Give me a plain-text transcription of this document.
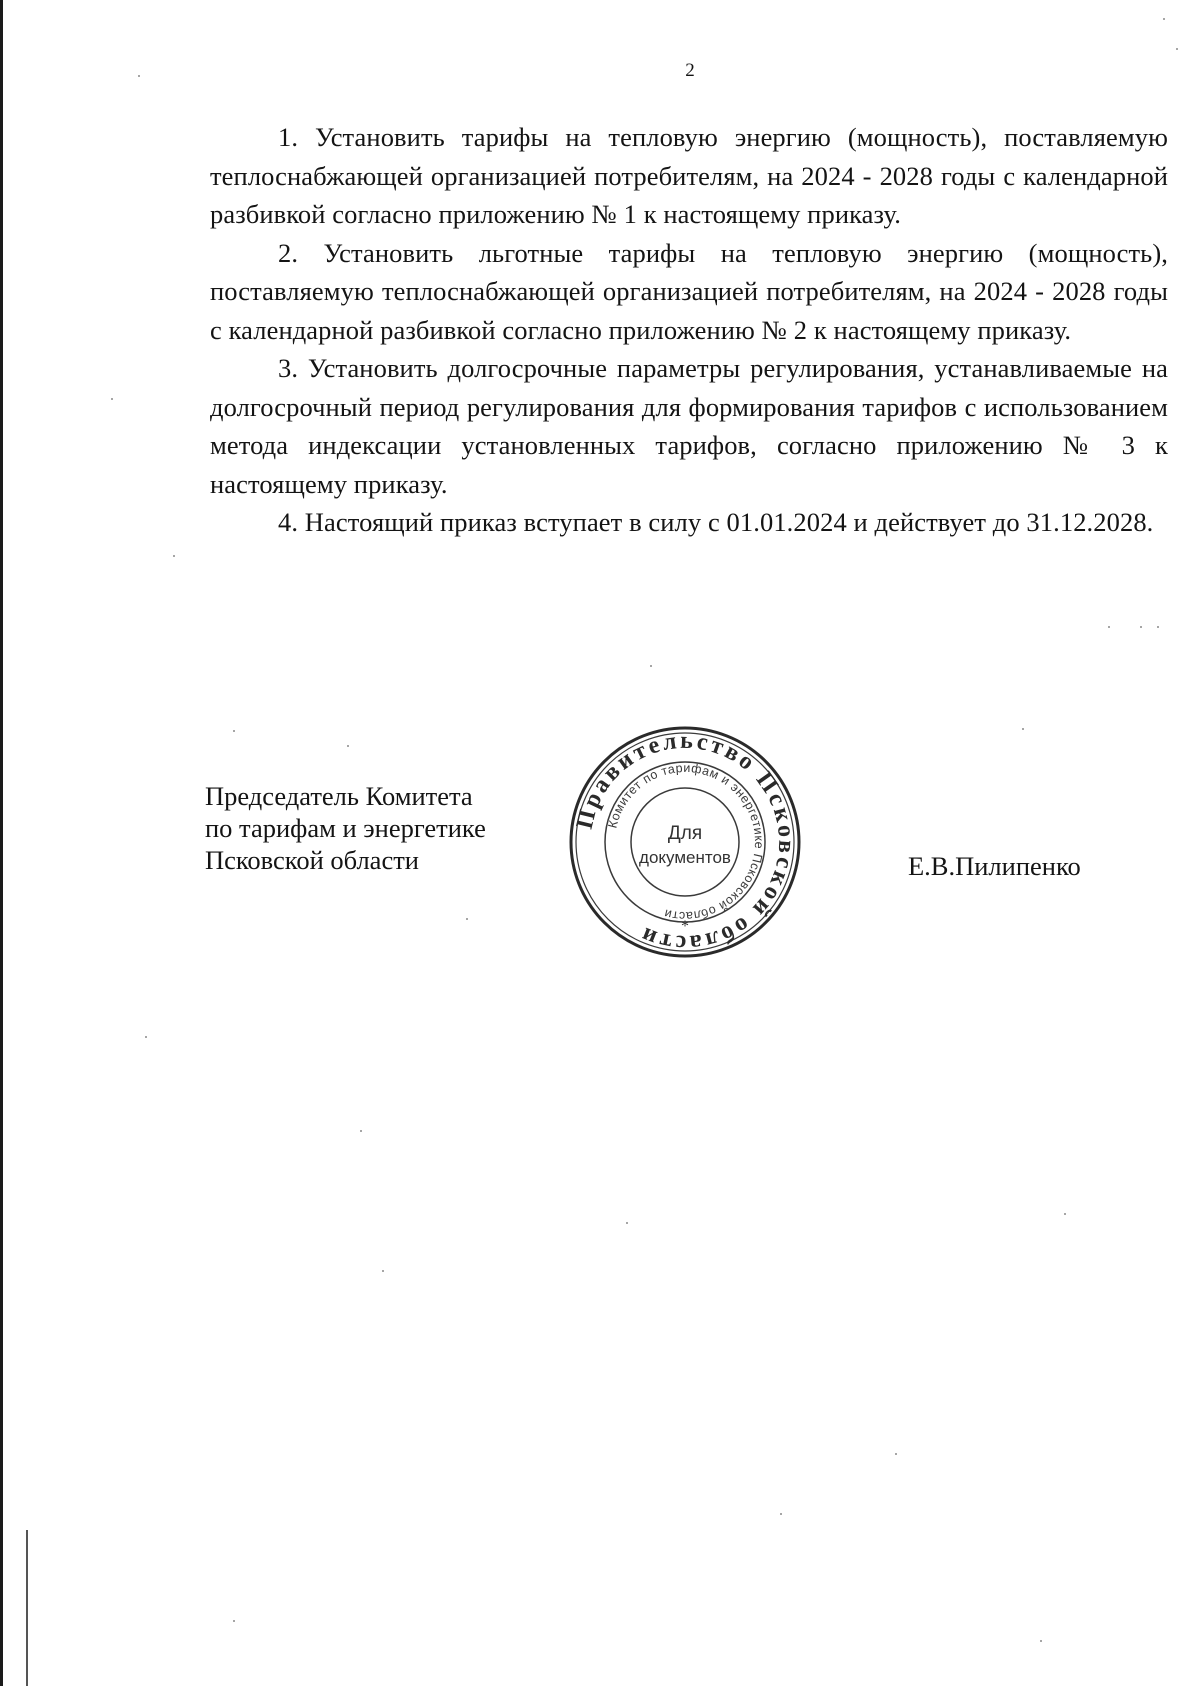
2

1. Установить тарифы на тепловую энергию (мощность), поставляемую теплоснабжающей организацией потребителям, на 2024 - 2028 годы с календарной разбивкой согласно приложению № 1 к настоящему приказу.

2. Установить льготные тарифы на тепловую энергию (мощность), поставляемую теплоснабжающей организацией потребителям, на 2024 - 2028 годы с календарной разбивкой согласно приложению № 2 к настоящему приказу.

3. Установить долгосрочные параметры регулирования, устанавливаемые на долгосрочный период регулирования для формирования тарифов с использованием метода индексации установленных тарифов, согласно приложению № 3 к настоящему приказу.

4. Настоящий приказ вступает в силу с 01.01.2024 и действует до 31.12.2028.

Председатель Комитета
по тарифам и энергетике
Псковской области
Правительство Псковской области
Комитет по тарифам и энергетике Псковской области
Для
документов
*
Е.В.Пилипенко
